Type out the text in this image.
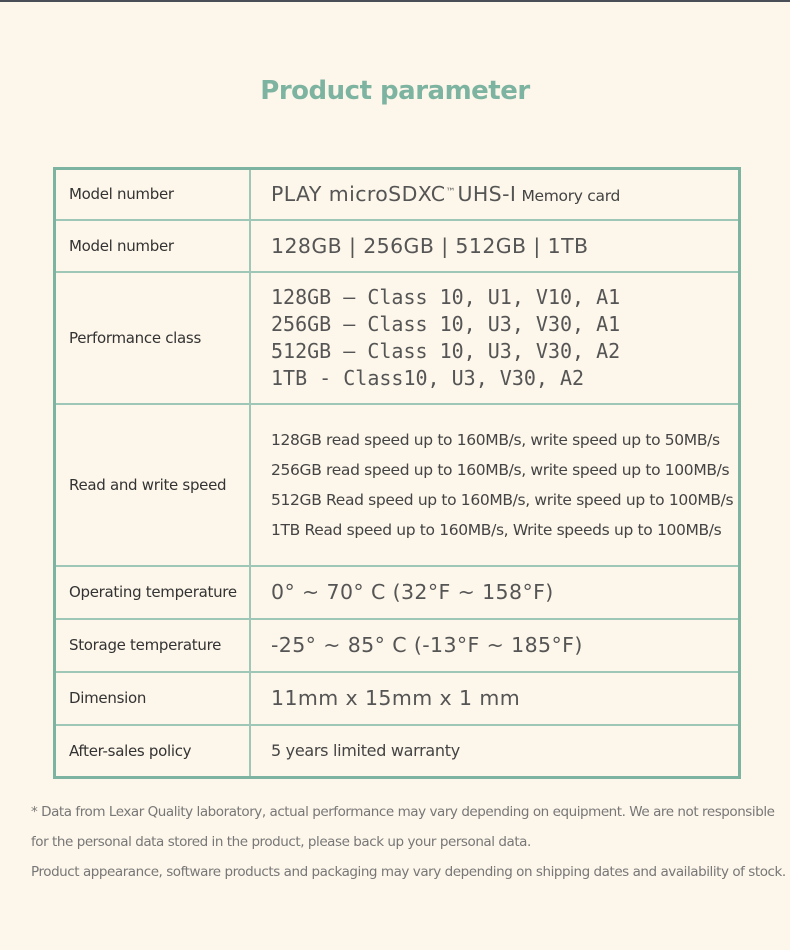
Product parameter
Model number	PLAY microSDXC™UHS-I Memory card
Model number	128GB | 256GB | 512GB | 1TB
Performance class	128GB – Class 10, U1, V10, A1
256GB – Class 10, U3, V30, A1
512GB – Class 10, U3, V30, A2
1TB - Class10, U3, V30, A2

Read and write speed	128GB read speed up to 160MB/s, write speed up to 50MB/s
256GB read speed up to 160MB/s, write speed up to 100MB/s
512GB Read speed up to 160MB/s, write speed up to 100MB/s
1TB Read speed up to 160MB/s, Write speeds up to 100MB/s

Operating temperature	0° ~ 70° C (32°F ~ 158°F)
Storage temperature	-25° ~ 85° C (-13°F ~ 185°F)
Dimension	11mm x 15mm x 1 mm
After-sales policy	5 years limited warranty
* Data from Lexar Quality laboratory, actual performance may vary depending on equipment. We are not responsible
for the personal data stored in the product, please back up your personal data.
Product appearance, software products and packaging may vary depending on shipping dates and availability of stock.
